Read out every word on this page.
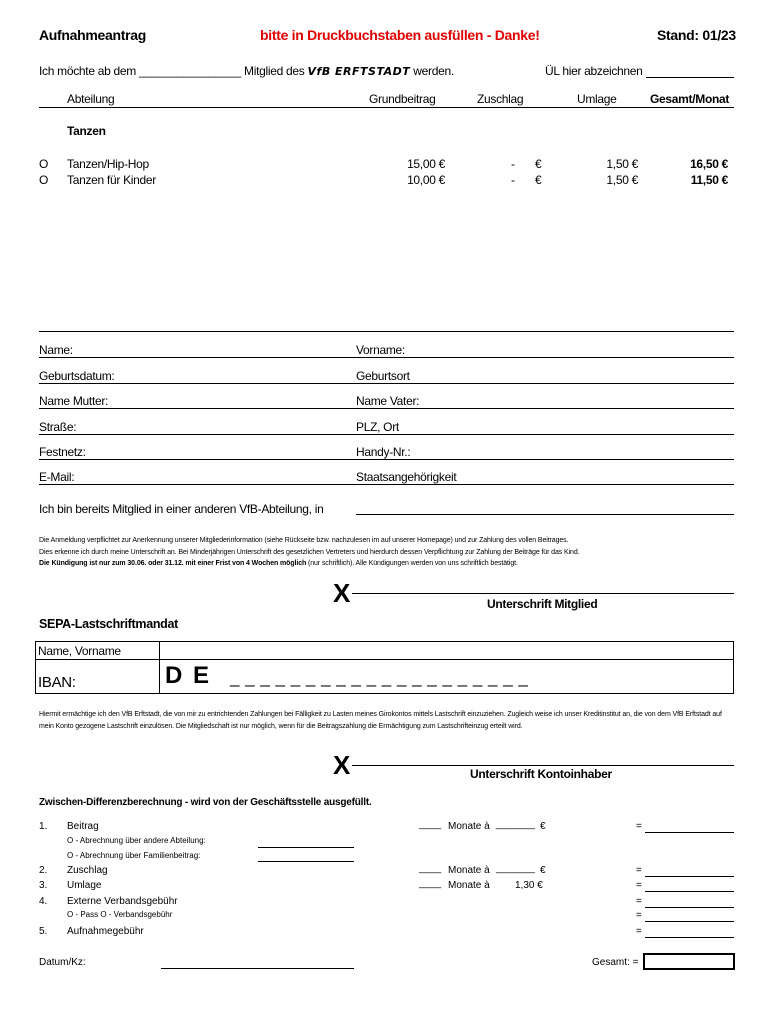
Aufnahmeantrag	bitte in Druckbuchstaben ausfüllen - Danke!	Stand: 01/23
Ich möchte ab dem ________________ Mitglied des VfB ERFTSTADT werden.	ÜL hier abzeichnen
Abteilung	Grundbeitrag	Zuschlag	Umlage	Gesamt/Monat
Tanzen
O Tanzen/Hip-Hop	15,00 €	- €	1,50 €	16,50 €
O Tanzen für Kinder	10,00 €	- €	1,50 €	11,50 €
Name:	Vorname:
Geburtsdatum:	Geburtsort
Name Mutter:	Name Vater:
Straße:	PLZ, Ort
Festnetz:	Handy-Nr.:
E-Mail:	Staatsangehörigkeit
Ich bin bereits Mitglied in einer anderen VfB-Abteilung, in
Die Anmeldung verpflichtet zur Anerkennung unserer Mitgliederinformation (siehe Rückseite bzw. nachzulesen im auf unserer Homepage) und zur Zahlung des vollen Beitrages.
Dies erkenne ich durch meine Unterschrift an. Bei Minderjährigen Unterschrift des gesetzlichen Vertreters und hierdurch dessen Verpflichtung zur Zahlung der Beiträge für das Kind.
Die Kündigung ist nur zum 30.06. oder 31.12. mit einer Frist von 4 Wochen möglich (nur schriftlich). Alle Kündigungen werden von uns schriftlich bestätigt.
X	Unterschrift Mitglied
SEPA-Lastschriftmandat
Name, Vorname
IBAN:	D E _ _ _ _ _ _ _ _ _ _ _ _ _ _ _ _ _ _ _ _
Hiermit ermächtige ich den VfB Erftstadt, die von mir zu entrichtenden Zahlungen bei Fälligkeit zu Lasten meines Girokontos mittels Lastschrift einzuziehen. Zugleich weise ich unser Kreditinstitut an, die von dem VfB Erftstadt auf mein Konto gezogene Lastschrift einzulösen. Die Mitgliedschaft ist nur möglich, wenn für die Beitragszahlung die Ermächtigung zum Lastschrifteinzug erteilt wird.
X	Unterschrift Kontoinhaber
Zwischen-Differenzberechnung - wird von der Geschäftsstelle ausgefüllt.
1. Beitrag	____ Monate à _______ €	=
O - Abrechnung über andere Abteilung:
O - Abrechnung über Familienbeitrag:
2. Zuschlag	____ Monate à _______ €	=
3. Umlage	____ Monate à	1,30 €	=
4. Externe Verbandsgebühr	=
O - Pass O - Verbandsgebühr	=
5. Aufnahmegebühr	=
Datum/Kz:	Gesamt: =
